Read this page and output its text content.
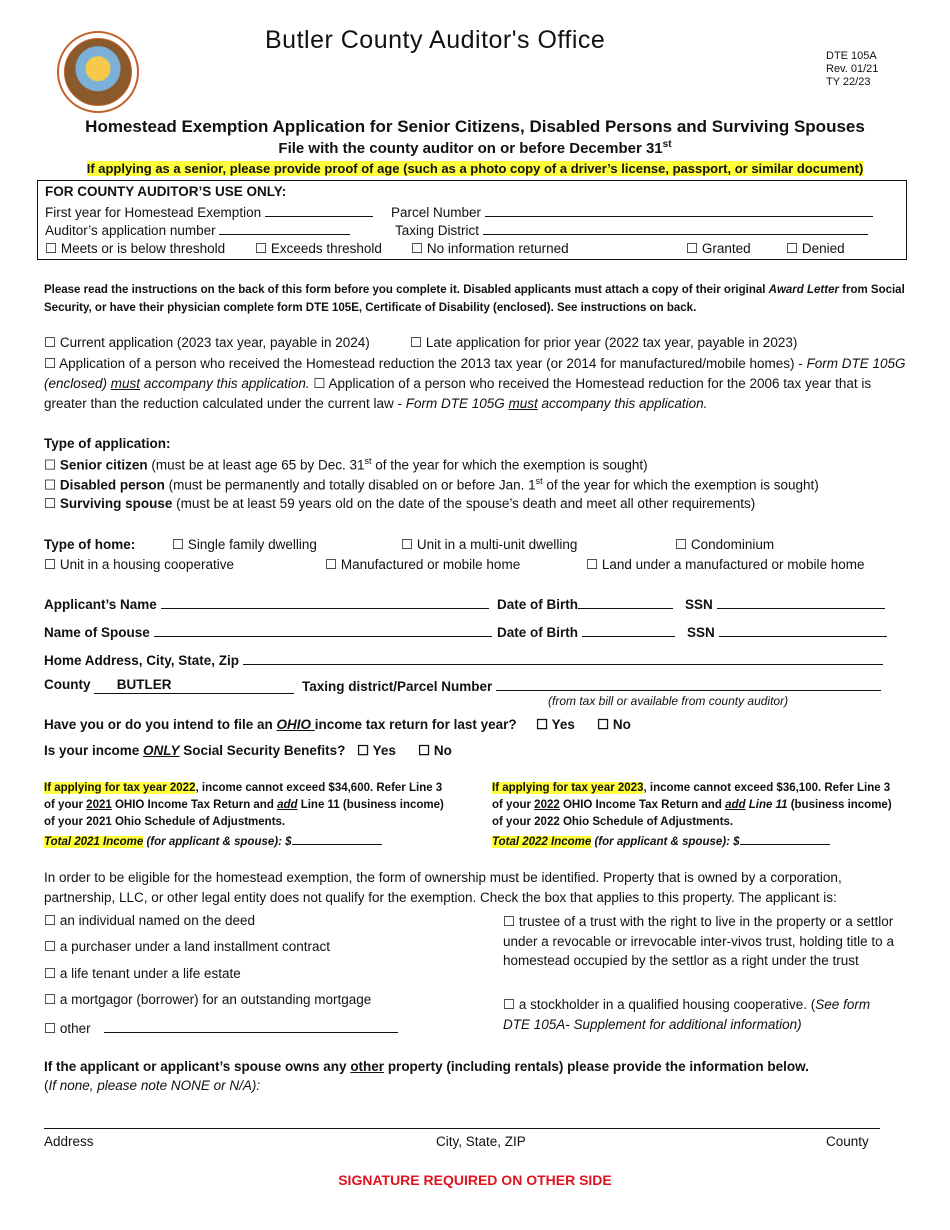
Butler County Auditor's Office
DTE 105A
Rev. 01/21
TY 22/23
Homestead Exemption Application for Senior Citizens, Disabled Persons and Surviving Spouses
File with the county auditor on or before December 31st
If applying as a senior, please provide proof of age (such as a photo copy of a driver’s license, passport, or similar document)
FOR COUNTY AUDITOR’S USE ONLY:
First year for Homestead Exemption	Parcel Number
Auditor’s application number	Taxing District
☐ Meets or is below threshold ☐ Exceeds threshold ☐ No information returned	☐ Granted	☐ Denied
Please read the instructions on the back of this form before you complete it. Disabled applicants must attach a copy of their original Award Letter from Social Security, or have their physician complete form DTE 105E, Certificate of Disability (enclosed). See instructions on back.
☐ Current application (2023 tax year, payable in 2024)	☐ Late application for prior year (2022 tax year, payable in 2023)
☐ Application of a person who received the Homestead reduction the 2013 tax year (or 2014 for manufactured/mobile homes) - Form DTE 105G (enclosed) must accompany this application. ☐ Application of a person who received the Homestead reduction for the 2006 tax year that is greater than the reduction calculated under the current law - Form DTE 105G must accompany this application.
Type of application:
☐ Senior citizen (must be at least age 65 by Dec. 31st of the year for which the exemption is sought)
☐ Disabled person (must be permanently and totally disabled on or before Jan. 1st of the year for which the exemption is sought)
☐ Surviving spouse (must be at least 59 years old on the date of the spouse’s death and meet all other requirements)
Type of home:	☐ Single family dwelling	☐ Unit in a multi-unit dwelling	☐ Condominium
☐ Unit in a housing cooperative	☐ Manufactured or mobile home	☐ Land under a manufactured or mobile home
Applicant’s Name	Date of Birth	SSN
Name of Spouse	Date of Birth	SSN
Home Address, City, State, Zip
County BUTLER	Taxing district/Parcel Number
(from tax bill or available from county auditor)
Have you or do you intend to file an OHIO income tax return for last year? ☐ Yes ☐ No
Is your income ONLY Social Security Benefits? ☐ Yes ☐ No
If applying for tax year 2022, income cannot exceed $34,600. Refer Line 3 of your 2021 OHIO Income Tax Return and add Line 11 (business income) of your 2021 Ohio Schedule of Adjustments.
Total 2021 Income (for applicant & spouse): $
If applying for tax year 2023, income cannot exceed $36,100. Refer Line 3 of your 2022 OHIO Income Tax Return and add Line 11 (business income) of your 2022 Ohio Schedule of Adjustments.
Total 2022 Income (for applicant & spouse): $
In order to be eligible for the homestead exemption, the form of ownership must be identified. Property that is owned by a corporation, partnership, LLC, or other legal entity does not qualify for the exemption. Check the box that applies to this property. The applicant is:
☐ an individual named on the deed
☐ a purchaser under a land installment contract
☐ a life tenant under a life estate
☐ a mortgagor (borrower) for an outstanding mortgage
☐ other
☐ trustee of a trust with the right to live in the property or a settlor under a revocable or irrevocable inter-vivos trust, holding title to a homestead occupied by the settlor as a right under the trust
☐ a stockholder in a qualified housing cooperative. (See form DTE 105A- Supplement for additional information)
If the applicant or applicant’s spouse owns any other property (including rentals) please provide the information below.
(If none, please note NONE or N/A):
Address	City, State, ZIP	County
SIGNATURE REQUIRED ON OTHER SIDE
